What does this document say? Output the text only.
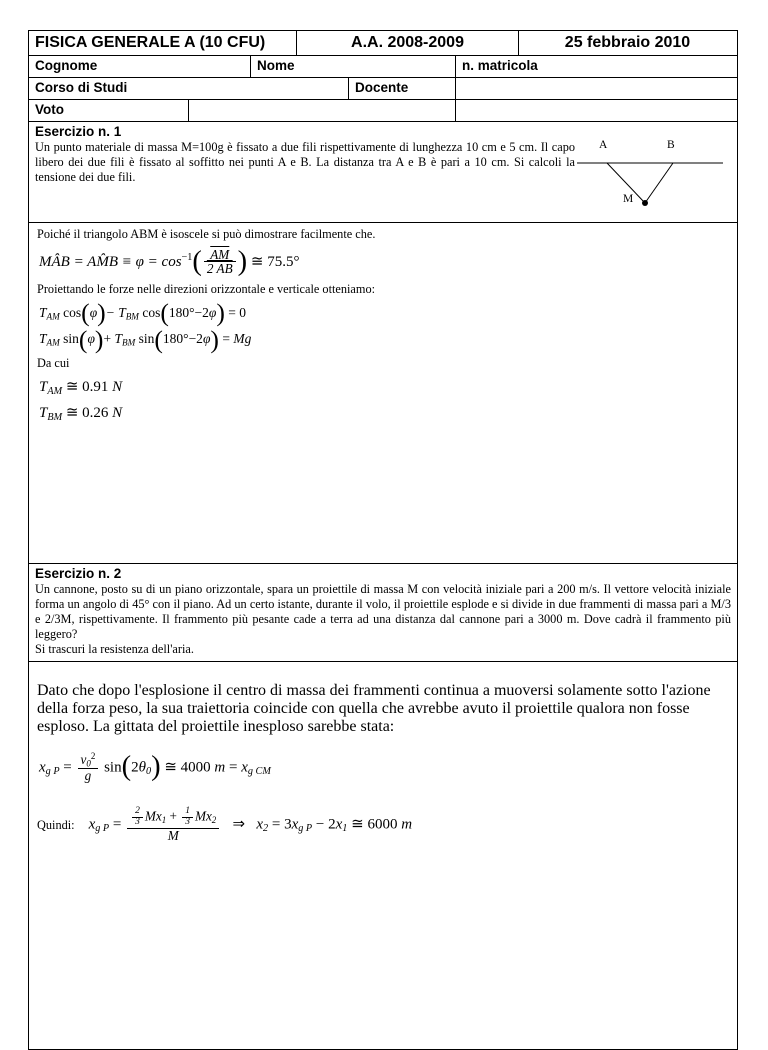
FISICA GENERALE A (10 CFU)	A.A. 2008-2009	25 febbraio 2010
Cognome	Nome	n. matricola
Corso di Studi	Docente
Voto
Esercizio n. 1
Un punto materiale di massa M=100g è fissato a due fili rispettivamente di lunghezza 10 cm e 5 cm. Il capo libero dei due fili è fissato al soffitto nei punti A e B. La distanza tra A e B è pari a 10 cm. Si calcoli la tensione dei due fili.
A	B
M

Poiché il triangolo ABM è isoscele si può dimostrare facilmente che.

MÂB = AM̂B ≡ $\varphi = \cos^{-1}( \frac{\overline{AM}}{2 AB}$ ) ≅ 75.5°

Proiettando le forze nelle direzioni orizzontale e verticale otteniamo:

$T_{AM}$ $\cos(\varphi)- T_{BM}$ cos(180°−2φ) = 0
$T_{AM}$ $\sin(\varphi)+ T_{BM}$ sin(180°−2φ) = Mg

Da cui

$T_{AM}$ ≅ 0.91 N
$T_{BM}$ ≅ 0.26 N
Esercizio n. 2
Un cannone, posto su di un piano orizzontale, spara un proiettile di massa M con velocità iniziale pari a 200 m/s. Il vettore velocità iniziale forma un angolo di 45° con il piano. Ad un certo istante, durante il volo, il proiettile esplode e si divide in due frammenti di massa pari a M/3 e 2/3M, rispettivamente. Il frammento più pesante cade a terra ad una distanza dal cannone pari a 3000 m. Dove cadrà il frammento più leggero?
Si trascuri la resistenza dell'aria.

Dato che dopo l'esplosione il centro di massa dei frammenti continua a muoversi solamente sotto l'azione della forza peso, la sua traiettoria coincide con quella che avrebbe avuto il proiettile qualora non fosse esploso. La gittata del proiettile inesploso sarebbe stata:

$x_{g P} = \frac{v_0^2}{g} \sin(2\theta_0)$ ≅ 4000 $m = x_{g CM}$
Quindi: $x_{g P} = \frac{\frac{2}{3} Mx_1 + \frac{1}{3} Mx_2}{M}$ ⇒   $x_2 = 3x_{g P} - 2x_1$ ≅ 6000 m
